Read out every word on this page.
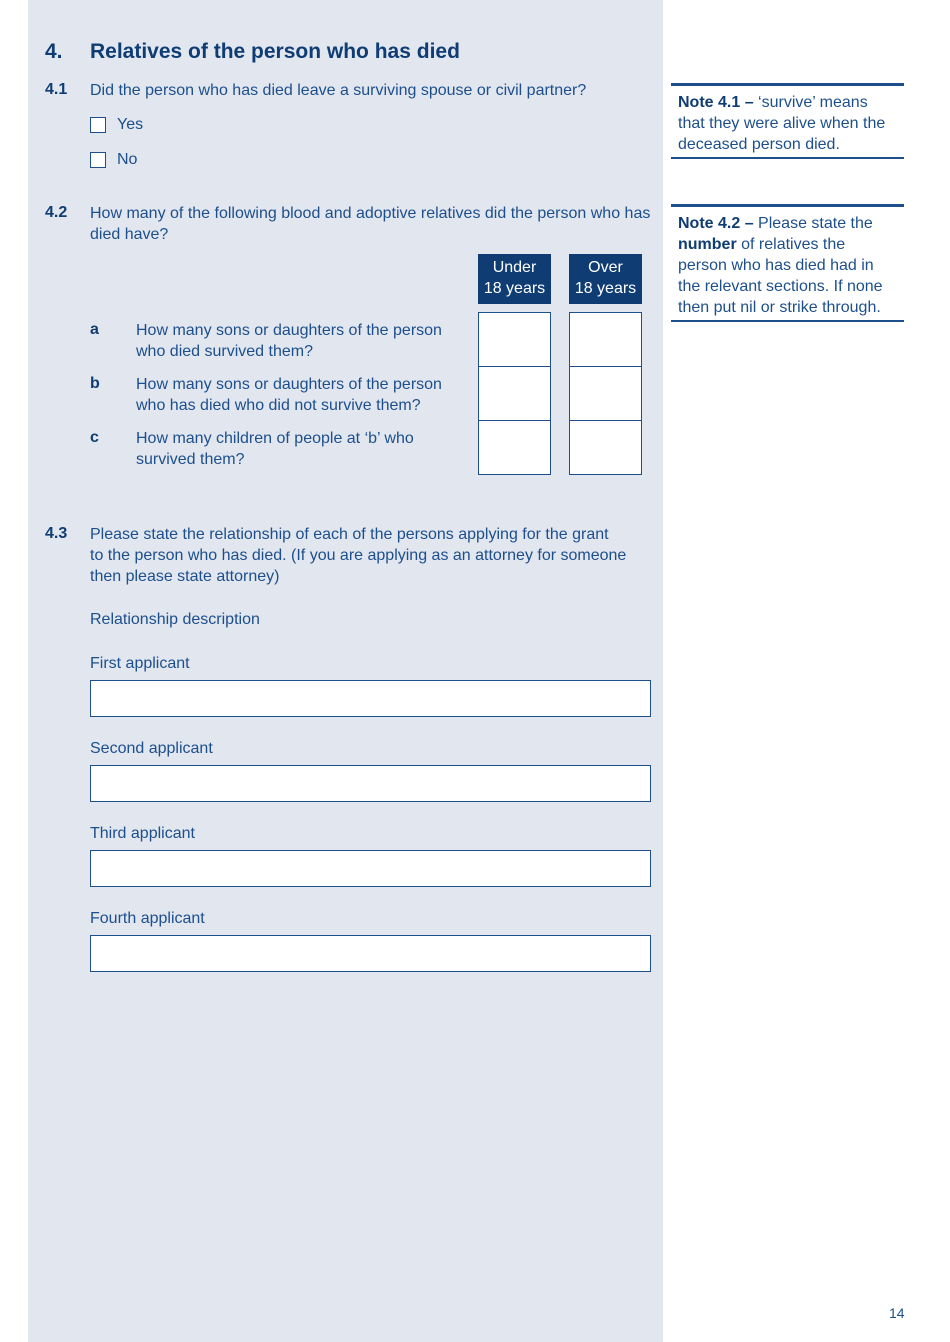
4. Relatives of the person who has died
4.1 Did the person who has died leave a surviving spouse or civil partner?
Yes
No
4.2 How many of the following blood and adoptive relatives did the person who has died have?
Under
18 years
Over
18 years
a How many sons or daughters of the person
who died survived them?
b How many sons or daughters of the person
who has died who did not survive them?
c How many children of people at ‘b’ who
survived them?
4.3 Please state the relationship of each of the persons applying for the grant
to the person who has died. (If you are applying as an attorney for someone
then please state attorney)
Relationship description
First applicant
Second applicant
Third applicant
Fourth applicant
Note 4.1 – ‘survive’ means
that they were alive when the
deceased person died.
Note 4.2 – Please state the
number of relatives the
person who has died had in
the relevant sections. If none
then put nil or strike through.
14
